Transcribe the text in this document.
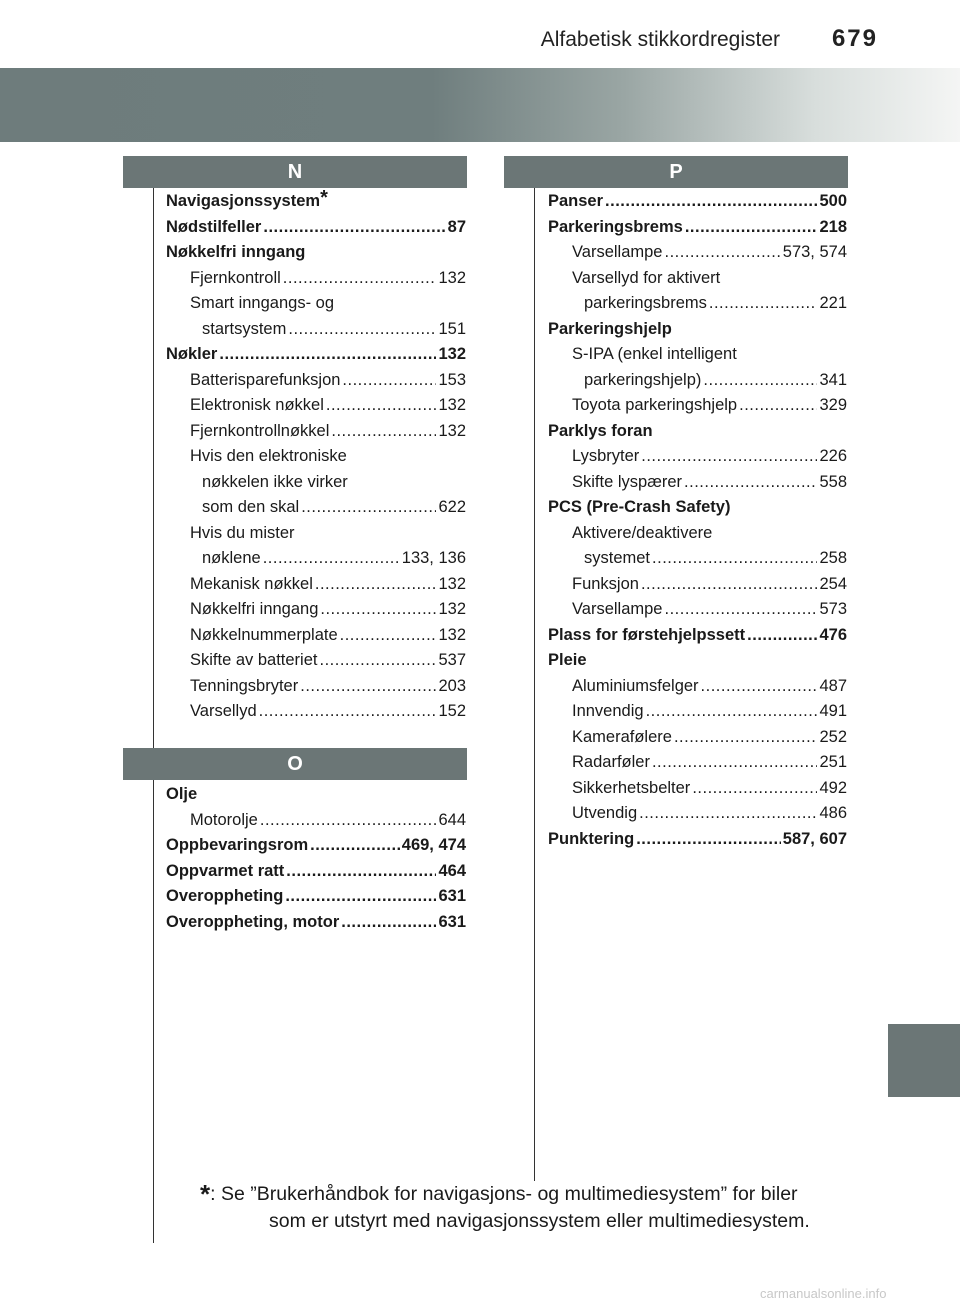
Alfabetisk stikkordregister 679
N
Navigasjonssystem *
Nødstilfeller .....	87
Nøkkelfri inngang
Fjernkontroll .....	132
Smart inngangs- og
startsystem .....	151
Nøkler .....	132
Batterisparefunksjon .....	153
Elektronisk nøkkel .....	132
Fjernkontrollnøkkel .....	132
Hvis den elektroniske
nøkkelen ikke virker
som den skal .....	622
Hvis du mister
nøklene .....	133, 136
Mekanisk nøkkel .....	132
Nøkkelfri inngang .....	132
Nøkkelnummerplate .....	132
Skifte av batteriet .....	537
Tenningsbryter .....	203
Varsellyd .....	152
O
Olje
Motorolje .....	644
Oppbevaringsrom .....	469, 474
Oppvarmet ratt .....	464
Overoppheting .....	631
Overoppheting, motor .....	631
P
Panser .....	500
Parkeringsbrems .....	218
Varsellampe .....	573, 574
Varsellyd for aktivert
parkeringsbrems .....	221
Parkeringshjelp
S-IPA (enkel intelligent
parkeringshjelp) .....	341
Toyota parkeringshjelp .....	329
Parklys foran
Lysbryter .....	226
Skifte lyspærer .....	558
PCS (Pre-Crash Safety)
Aktivere/deaktivere
systemet .....	258
Funksjon .....	254
Varsellampe .....	573
Plass for førstehjelpssett .....	476
Pleie
Aluminiumsfelger .....	487
Innvendig .....	491
Kamerafølere .....	252
Radarføler .....	251
Sikkerhetsbelter .....	492
Utvendig .....	486
Punktering .....	587, 607
*: Se ”Brukerhåndbok for navigasjons- og multimediesystem” for biler
som er utstyrt med navigasjonssystem eller multimediesystem.
carmanualsonline.info
